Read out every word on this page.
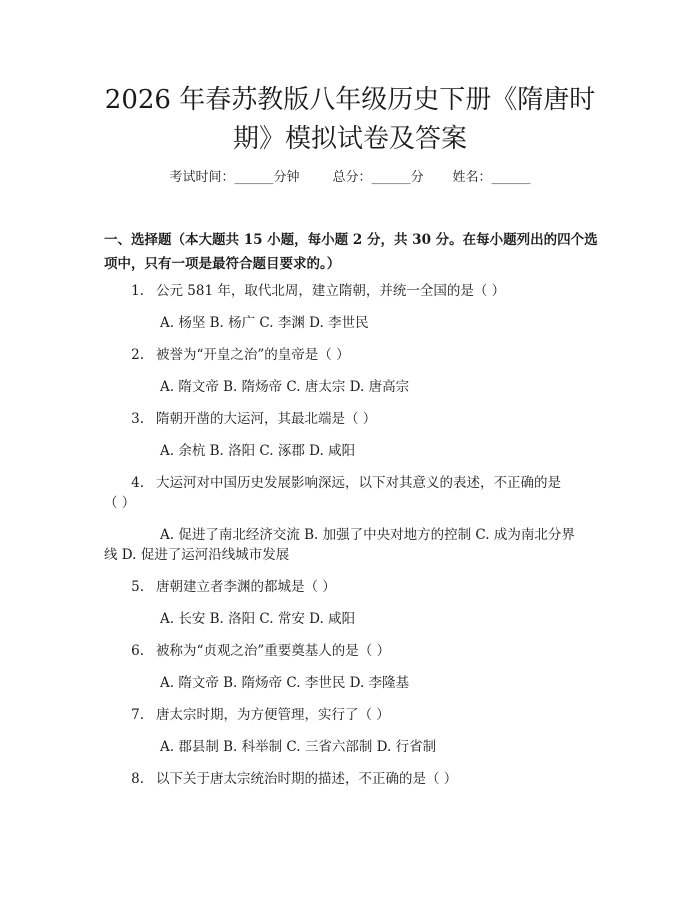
2026 年春苏教版八年级历史下册《隋唐时
期》模拟试卷及答案
考试时间：______分钟	总分：______分 姓名：______
一、选择题（本大题共 15 小题，每小题 2 分，共 30 分。在每小题列出的四个选
项中，只有一项是最符合题目要求的。）
1. 公元 581 年，取代北周，建立隋朝，并统一全国的是（ ）
A. 杨坚 B. 杨广 C. 李渊 D. 李世民
2. 被誉为“开皇之治”的皇帝是（ ）
A. 隋文帝 B. 隋炀帝 C. 唐太宗 D. 唐高宗
3. 隋朝开凿的大运河，其最北端是（ ）
A. 余杭 B. 洛阳 C. 涿郡 D. 咸阳
4. 大运河对中国历史发展影响深远，以下对其意义的表述，不正确的是
（ ）
A. 促进了南北经济交流 B. 加强了中央对地方的控制 C. 成为南北分界
线 D. 促进了运河沿线城市发展
5. 唐朝建立者李渊的都城是（ ）
A. 长安 B. 洛阳 C. 常安 D. 咸阳
6. 被称为“贞观之治”重要奠基人的是（ ）
A. 隋文帝 B. 隋炀帝 C. 李世民 D. 李隆基
7. 唐太宗时期，为方便管理，实行了（ ）
A. 郡县制 B. 科举制 C. 三省六部制 D. 行省制
8. 以下关于唐太宗统治时期的描述，不正确的是（ ）
